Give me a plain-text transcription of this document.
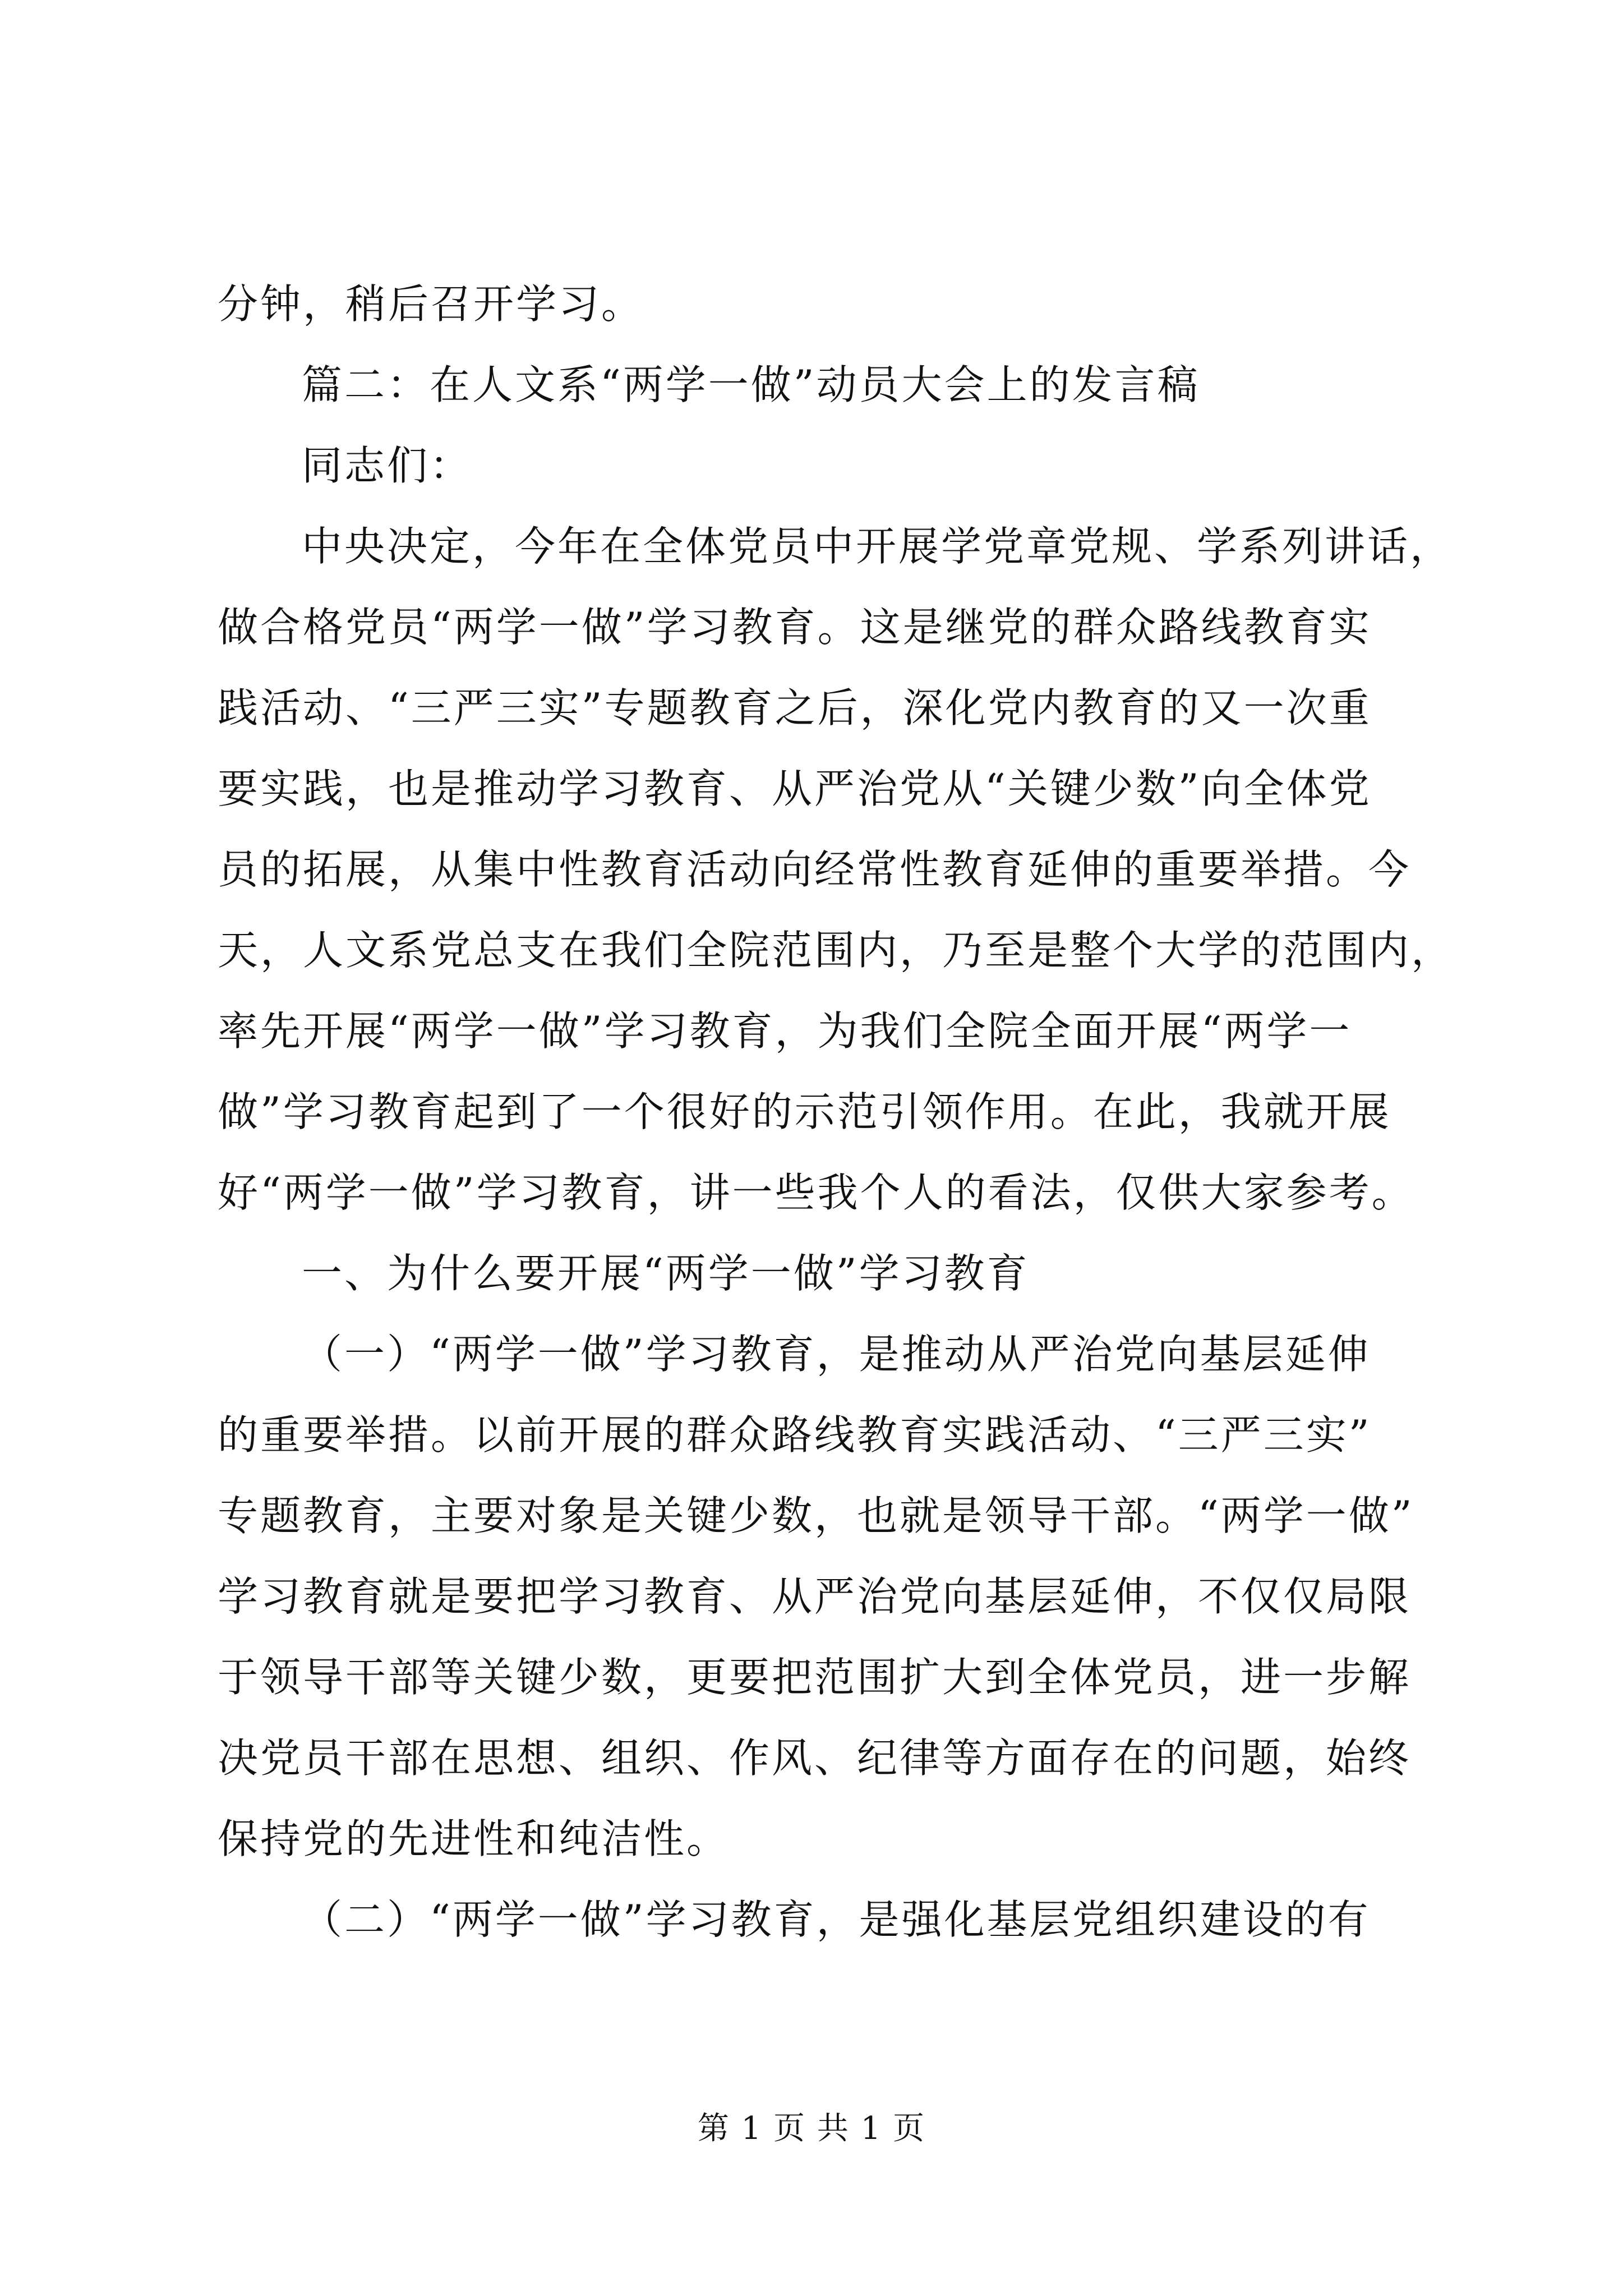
分钟，稍后召开学习。
篇二：在人文系“两学一做”动员大会上的发言稿
同志们：
中央决定，今年在全体党员中开展学党章党规、学系列讲话，
做合格党员“两学一做”学习教育。这是继党的群众路线教育实
践活动、“三严三实”专题教育之后，深化党内教育的又一次重
要实践，也是推动学习教育、从严治党从“关键少数”向全体党
员的拓展，从集中性教育活动向经常性教育延伸的重要举措。今
天，人文系党总支在我们全院范围内，乃至是整个大学的范围内，
率先开展“两学一做”学习教育，为我们全院全面开展“两学一
做”学习教育起到了一个很好的示范引领作用。在此，我就开展
好“两学一做”学习教育，讲一些我个人的看法，仅供大家参考。
一、为什么要开展“两学一做”学习教育
（一）“两学一做”学习教育，是推动从严治党向基层延伸
的重要举措。以前开展的群众路线教育实践活动、“三严三实”
专题教育，主要对象是关键少数，也就是领导干部。“两学一做”
学习教育就是要把学习教育、从严治党向基层延伸，不仅仅局限
于领导干部等关键少数，更要把范围扩大到全体党员，进一步解
决党员干部在思想、组织、作风、纪律等方面存在的问题，始终
保持党的先进性和纯洁性。
（二）“两学一做”学习教育，是强化基层党组织建设的有
第 1 页 共 1 页
